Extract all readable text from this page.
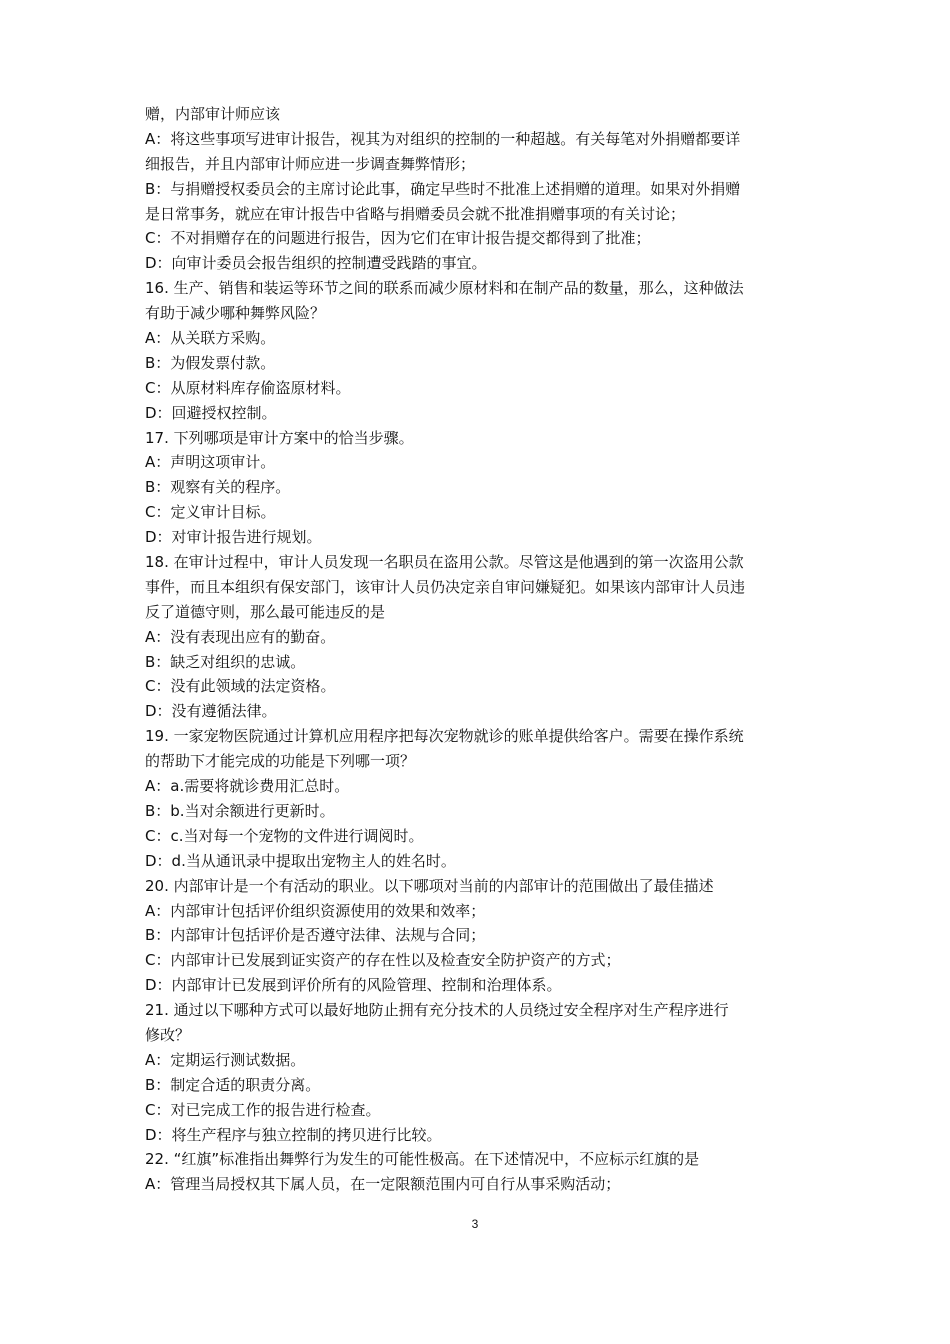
赠，内部审计师应该
A：将这些事项写进审计报告，视其为对组织的控制的一种超越。有关每笔对外捐赠都要详
细报告，并且内部审计师应进一步调查舞弊情形；
B：与捐赠授权委员会的主席讨论此事，确定早些时不批准上述捐赠的道理。如果对外捐赠
是日常事务，就应在审计报告中省略与捐赠委员会就不批准捐赠事项的有关讨论；
C：不对捐赠存在的问题进行报告，因为它们在审计报告提交都得到了批准；
D：向审计委员会报告组织的控制遭受践踏的事宜。
16. 生产、销售和装运等环节之间的联系而减少原材料和在制产品的数量，那么，这种做法
有助于减少哪种舞弊风险？
A：从关联方采购。
B：为假发票付款。
C：从原材料库存偷盗原材料。
D：回避授权控制。
17. 下列哪项是审计方案中的恰当步骤。
A：声明这项审计。
B：观察有关的程序。
C：定义审计目标。
D：对审计报告进行规划。
18. 在审计过程中，审计人员发现一名职员在盗用公款。尽管这是他遇到的第一次盗用公款
事件，而且本组织有保安部门，该审计人员仍决定亲自审问嫌疑犯。如果该内部审计人员违
反了道德守则，那么最可能违反的是
A：没有表现出应有的勤奋。
B：缺乏对组织的忠诚。
C：没有此领域的法定资格。
D：没有遵循法律。
19. 一家宠物医院通过计算机应用程序把每次宠物就诊的账单提供给客户。需要在操作系统
的帮助下才能完成的功能是下列哪一项？
A：a.需要将就诊费用汇总时。
B：b.当对余额进行更新时。
C：c.当对每一个宠物的文件进行调阅时。
D：d.当从通讯录中提取出宠物主人的姓名时。
20. 内部审计是一个有活动的职业。以下哪项对当前的内部审计的范围做出了最佳描述
A：内部审计包括评价组织资源使用的效果和效率；
B：内部审计包括评价是否遵守法律、法规与合同；
C：内部审计已发展到证实资产的存在性以及检查安全防护资产的方式；
D：内部审计已发展到评价所有的风险管理、控制和治理体系。
21. 通过以下哪种方式可以最好地防止拥有充分技术的人员绕过安全程序对生产程序进行
修改？
A：定期运行测试数据。
B：制定合适的职责分离。
C：对已完成工作的报告进行检查。
D：将生产程序与独立控制的拷贝进行比较。
22. “红旗”标准指出舞弊行为发生的可能性极高。在下述情况中，不应标示红旗的是
A：管理当局授权其下属人员，在一定限额范围内可自行从事采购活动；
3
